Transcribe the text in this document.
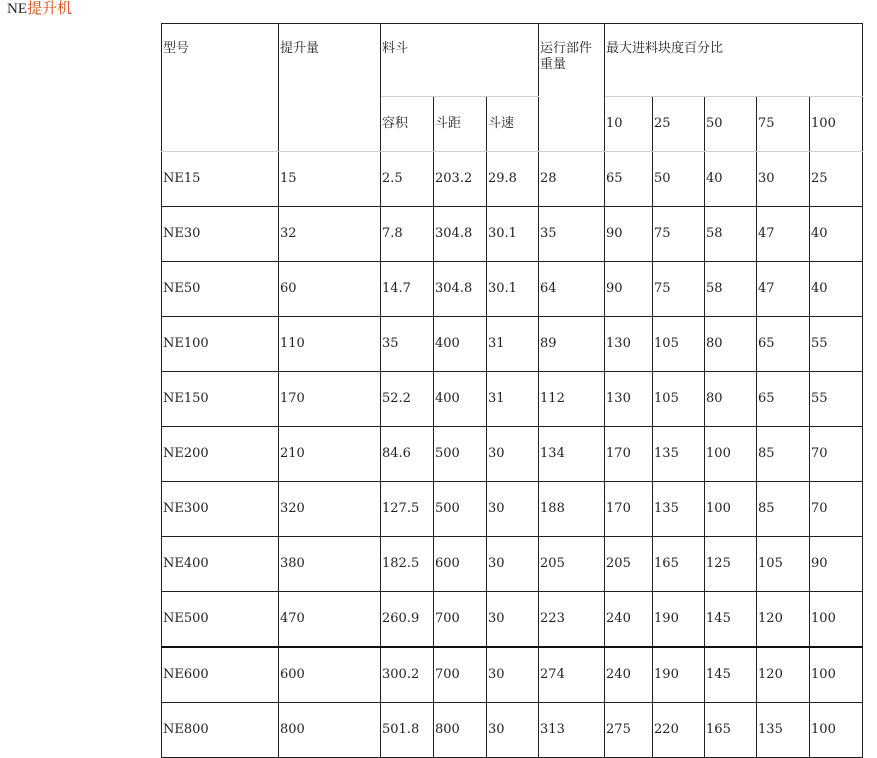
NE提升机
型号	提升量	料斗			运行部件重量	最大进料块度百分比				
		容积	斗距	斗速		10	25	50	75	100
NE15	15	2.5	203.2	29.8	28	65	50	40	30	25
NE30	32	7.8	304.8	30.1	35	90	75	58	47	40
NE50	60	14.7	304.8	30.1	64	90	75	58	47	40
NE100	110	35	400	31	89	130	105	80	65	55
NE150	170	52.2	400	31	112	130	105	80	65	55
NE200	210	84.6	500	30	134	170	135	100	85	70
NE300	320	127.5	500	30	188	170	135	100	85	70
NE400	380	182.5	600	30	205	205	165	125	105	90
NE500	470	260.9	700	30	223	240	190	145	120	100
NE600	600	300.2	700	30	274	240	190	145	120	100
NE800	800	501.8	800	30	313	275	220	165	135	100
